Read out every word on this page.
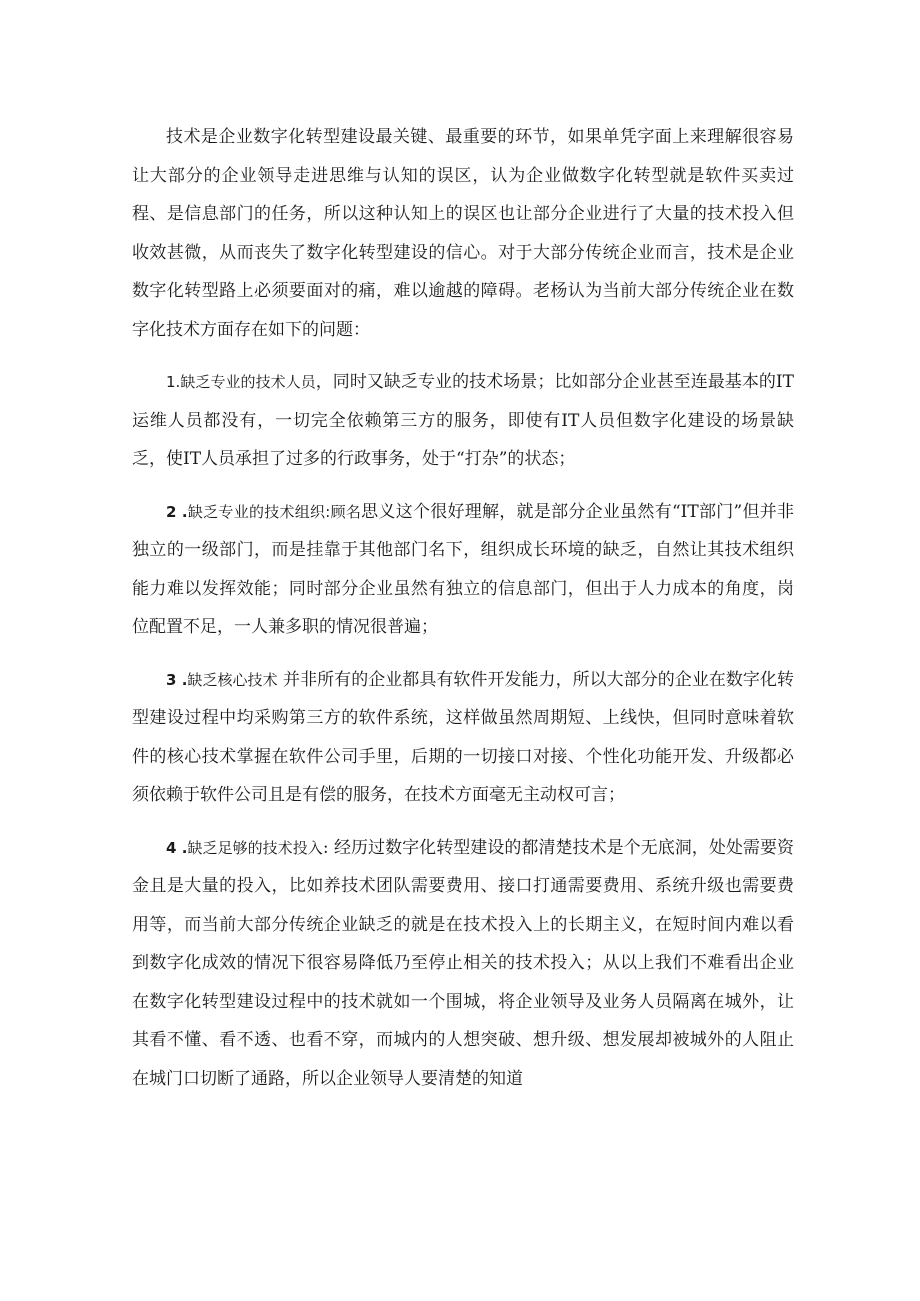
技术是企业数字化转型建设最关键、最重要的环节，如果单凭字面上来理解很容易让大部分的企业领导走进思维与认知的误区，认为企业做数字化转型就是软件买卖过程、是信息部门的任务，所以这种认知上的误区也让部分企业进行了大量的技术投入但收效甚微，从而丧失了数字化转型建设的信心。对于大部分传统企业而言，技术是企业数字化转型路上必须要面对的痛，难以逾越的障碍。老杨认为当前大部分传统企业在数字化技术方面存在如下的问题：

1.缺乏专业的技术人员，同时又缺乏专业的技术场景；比如部分企业甚至连最基本的IT运维人员都没有，一切完全依赖第三方的服务，即使有IT人员但数字化建设的场景缺乏，使IT人员承担了过多的行政事务，处于“打杂”的状态；

2 .缺乏专业的技术组织:顾名思义这个很好理解，就是部分企业虽然有“IT部门”但并非独立的一级部门，而是挂靠于其他部门名下，组织成长环境的缺乏，自然让其技术组织能力难以发挥效能；同时部分企业虽然有独立的信息部门，但出于人力成本的角度，岗位配置不足，一人兼多职的情况很普遍；

3 .缺乏核心技术 并非所有的企业都具有软件开发能力，所以大部分的企业在数字化转型建设过程中均采购第三方的软件系统，这样做虽然周期短、上线快，但同时意味着软件的核心技术掌握在软件公司手里，后期的一切接口对接、个性化功能开发、升级都必须依赖于软件公司且是有偿的服务，在技术方面毫无主动权可言；

4 .缺乏足够的技术投入: 经历过数字化转型建设的都清楚技术是个无底洞，处处需要资金且是大量的投入，比如养技术团队需要费用、接口打通需要费用、系统升级也需要费用等，而当前大部分传统企业缺乏的就是在技术投入上的长期主义，在短时间内难以看到数字化成效的情况下很容易降低乃至停止相关的技术投入；从以上我们不难看出企业在数字化转型建设过程中的技术就如一个围城，将企业领导及业务人员隔离在城外，让其看不懂、看不透、也看不穿，而城内的人想突破、想升级、想发展却被城外的人阻止在城门口切断了通路，所以企业领导人要清楚的知道
